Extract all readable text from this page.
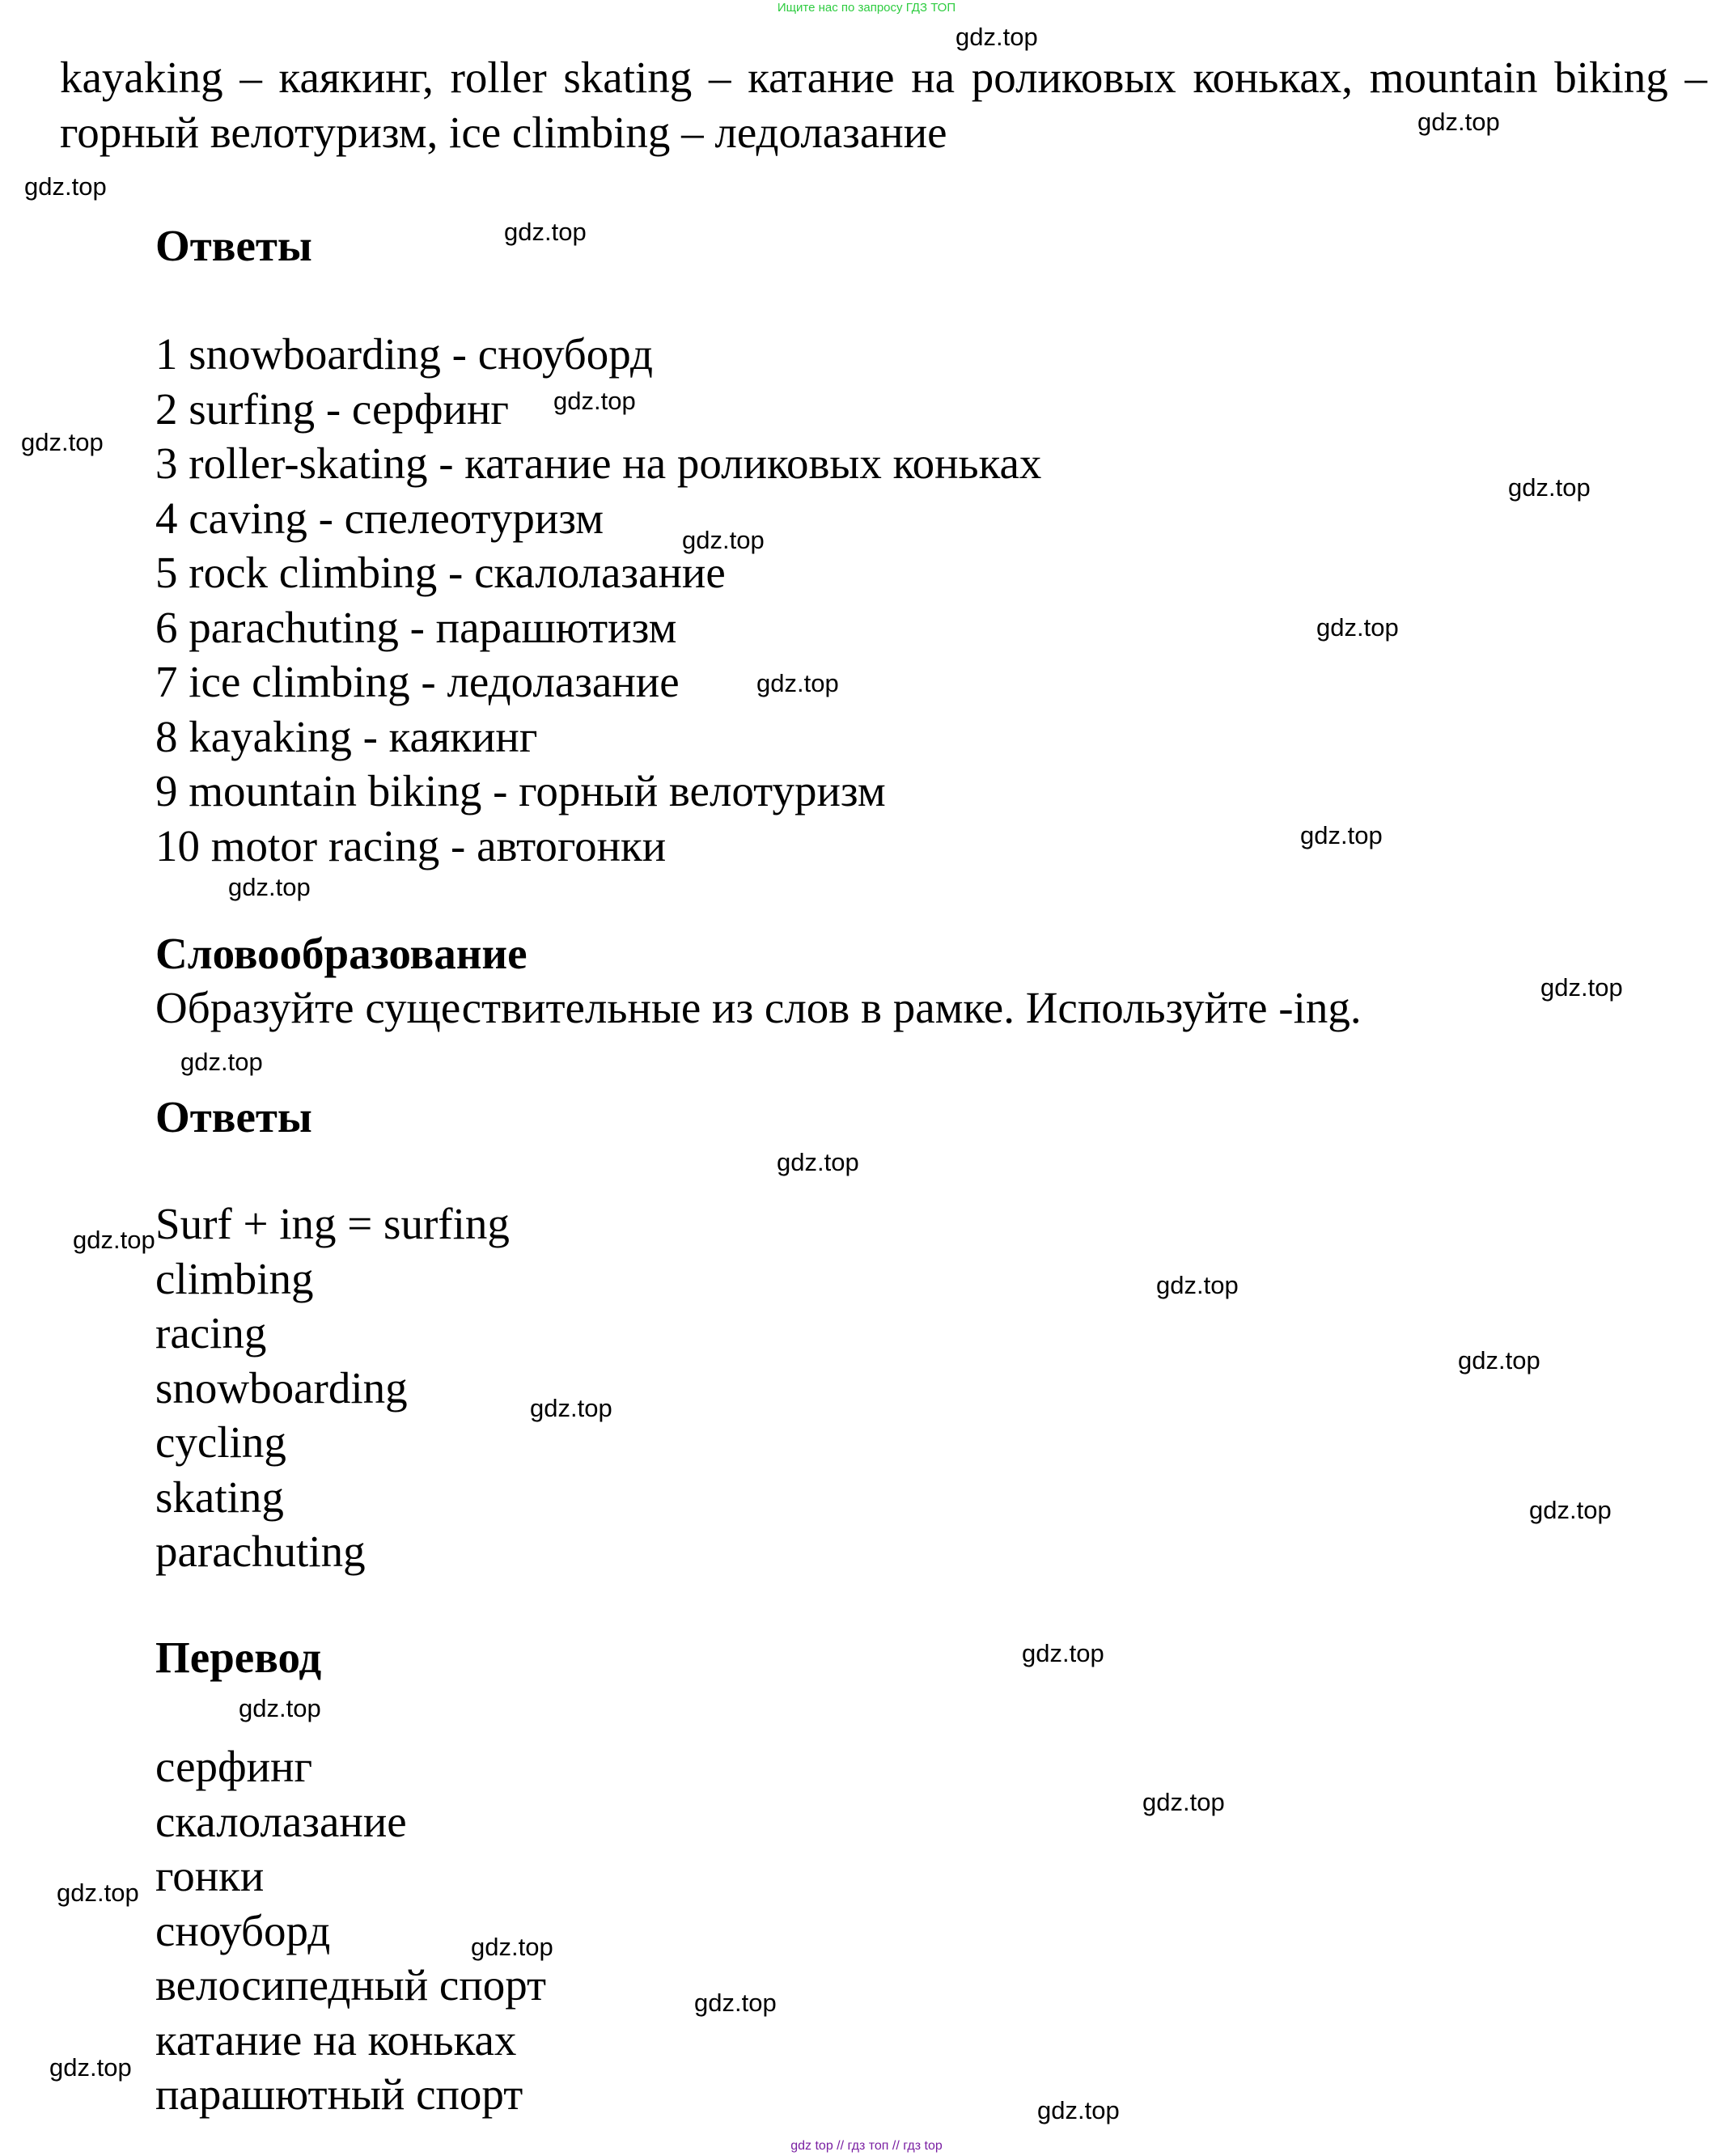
Ищите нас по запросу ГДЗ ТОП

kayaking – каякинг, roller skating – катание на роликовых коньках, mountain biking – горный велотуризм, ice climbing – ледолазание

Ответы
1 snowboarding - сноуборд
2 surfing - серфинг
3 roller-skating - катание на роликовых коньках
4 caving - спелеотуризм
5 rock climbing - скалолазание
6 parachuting - парашютизм
7 ice climbing - ледолазание
8 kayaking - каякинг
9 mountain biking - горный велотуризм
10 motor racing - автогонки
Словообразование

Образуйте существительные из слов в рамке. Используйте -ing.

Ответы
Surf + ing = surfing
climbing
racing
snowboarding
cycling
skating
parachuting
Перевод
серфинг
скалолазание
гонки
сноуборд
велосипедный спорт
катание на коньках
парашютный спорт
gdz.top
gdz.top
gdz.top
gdz.top
gdz.top
gdz.top
gdz.top
gdz.top
gdz.top
gdz.top
gdz.top
gdz.top
gdz.top
gdz.top
gdz.top
gdz.top
gdz.top
gdz.top
gdz.top
gdz.top
gdz.top
gdz.top
gdz.top
gdz.top
gdz.top
gdz.top
gdz.top
gdz.top
gdz top // гдз топ // гдз top
